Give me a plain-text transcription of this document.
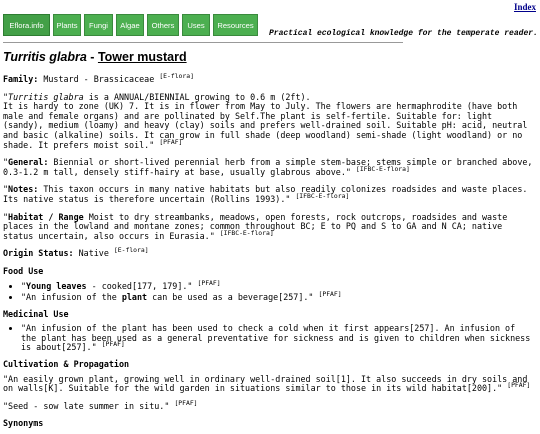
Index
Eflora.info	Plants	Fungi	Algae	Others	Uses	Resources
Practical ecological knowledge for the temperate reader.
Turritis glabra - Tower mustard

Family: Mustard - Brassicaceae [E-flora]

"Turritis glabra is a ANNUAL/BIENNIAL growing to 0.6 m (2ft).
It is hardy to zone (UK) 7. It is in flower from May to July. The flowers are hermaphrodite (have both male and female organs) and are pollinated by Self.The plant is self-fertile. Suitable for: light (sandy), medium (loamy) and heavy (clay) soils and prefers well-drained soil. Suitable pH: acid, neutral and basic (alkaline) soils. It can grow in full shade (deep woodland) semi-shade (light woodland) or no shade. It prefers moist soil." [PFAF]

"General: Biennial or short-lived perennial herb from a simple stem-base; stems simple or branched above, 0.3-1.2 m tall, densely stiff-hairy at base, usually glabrous above." [IFBC-E-flora]

"Notes: This taxon occurs in many native habitats but also readily colonizes roadsides and waste places. Its native status is therefore uncertain (Rollins 1993)." [IFBC-E-flora]

"Habitat / Range Moist to dry streambanks, meadows, open forests, rock outcrops, roadsides and waste places in the lowland and montane zones; common throughout BC; E to PQ and S to GA and N CA; native status uncertain, also occurs in Eurasia." [IFBC-E-flora]

Origin Status: Native [E-flora]

Food Use
• "Young leaves - cooked[177, 179]." [PFAF]
• "An infusion of the plant can be used as a beverage[257]." [PFAF]
Medicinal Use
• "An infusion of the plant has been used to check a cold when it first appears[257]. An infusion of the plant has been used as a general preventative for sickness and is given to children when sickness is about[257]." [PFAF]
Cultivation & Propagation

"An easily grown plant, growing well in ordinary well-drained soil[1]. It also succeeds in dry soils and on walls[K]. Suitable for the wild garden in situations similar to those in its wild habitat[200]." [PFAF]

"Seed - sow late summer in situ." [PFAF]

Synonyms
